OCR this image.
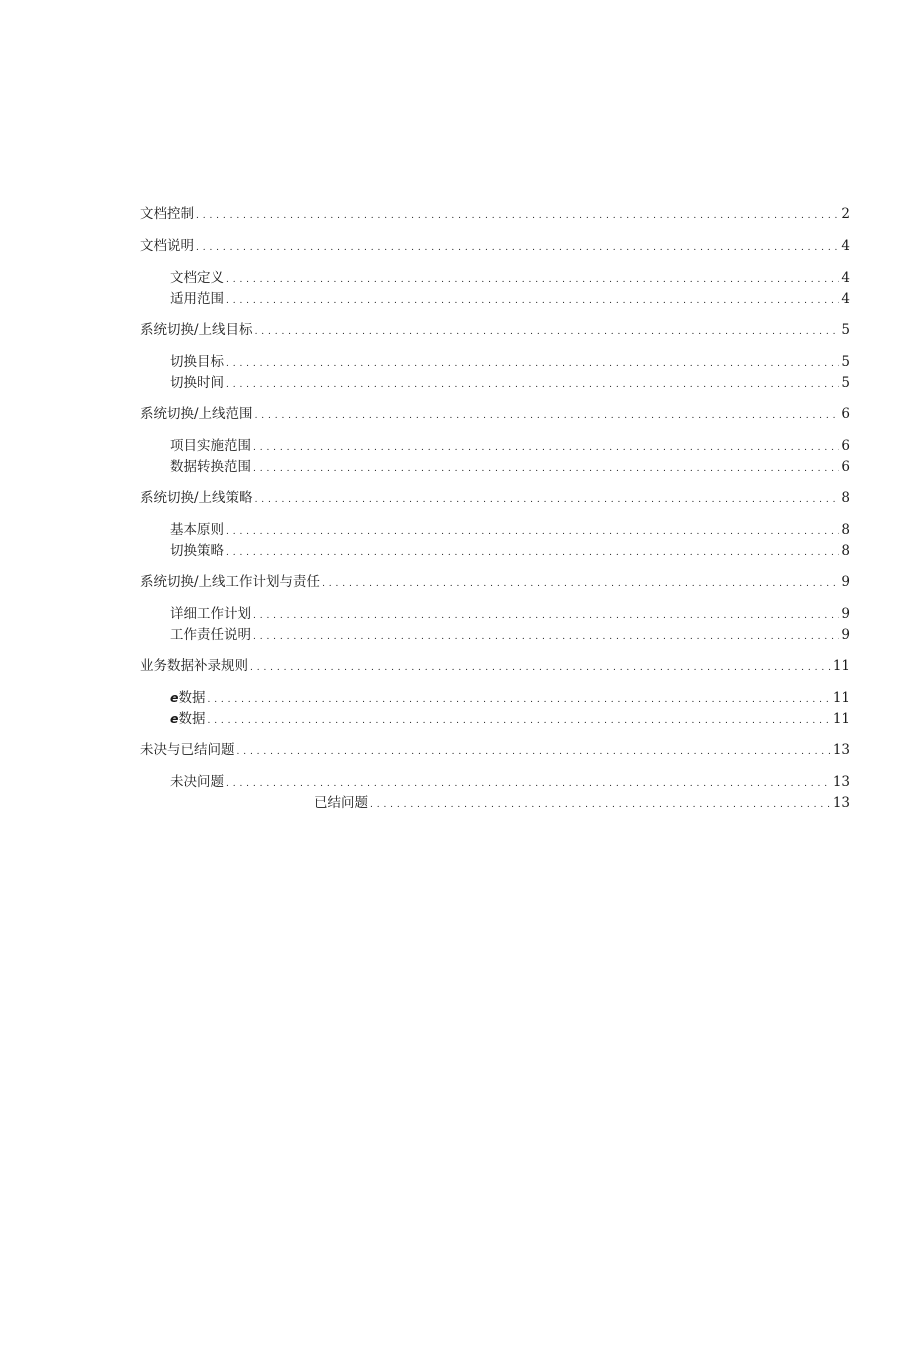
文档控制 . . .	2
文档说明 . . .	4
文档定义 . . .	4
适用范围 . . .	4
系统切换/上线目标 . . .	5
切换目标 . . .	5
切换时间 . . .	5
系统切换/上线范围 . . .	6
项目实施范围 . . .	6
数据转换范围 . . .	6
系统切换/上线策略 . . .	8
基本原则 . . .	8
切换策略 . . .	8
系统切换/上线工作计划与责任 . . .	9
详细工作计划 . . .	9
工作责任说明 . . .	9
业务数据补录规则 . . .	11
e数据 . . .	11
e数据 . . .	11
未决与已结问题 . . .	13
未决问题 . . .	13
已结问题 . . .	13
